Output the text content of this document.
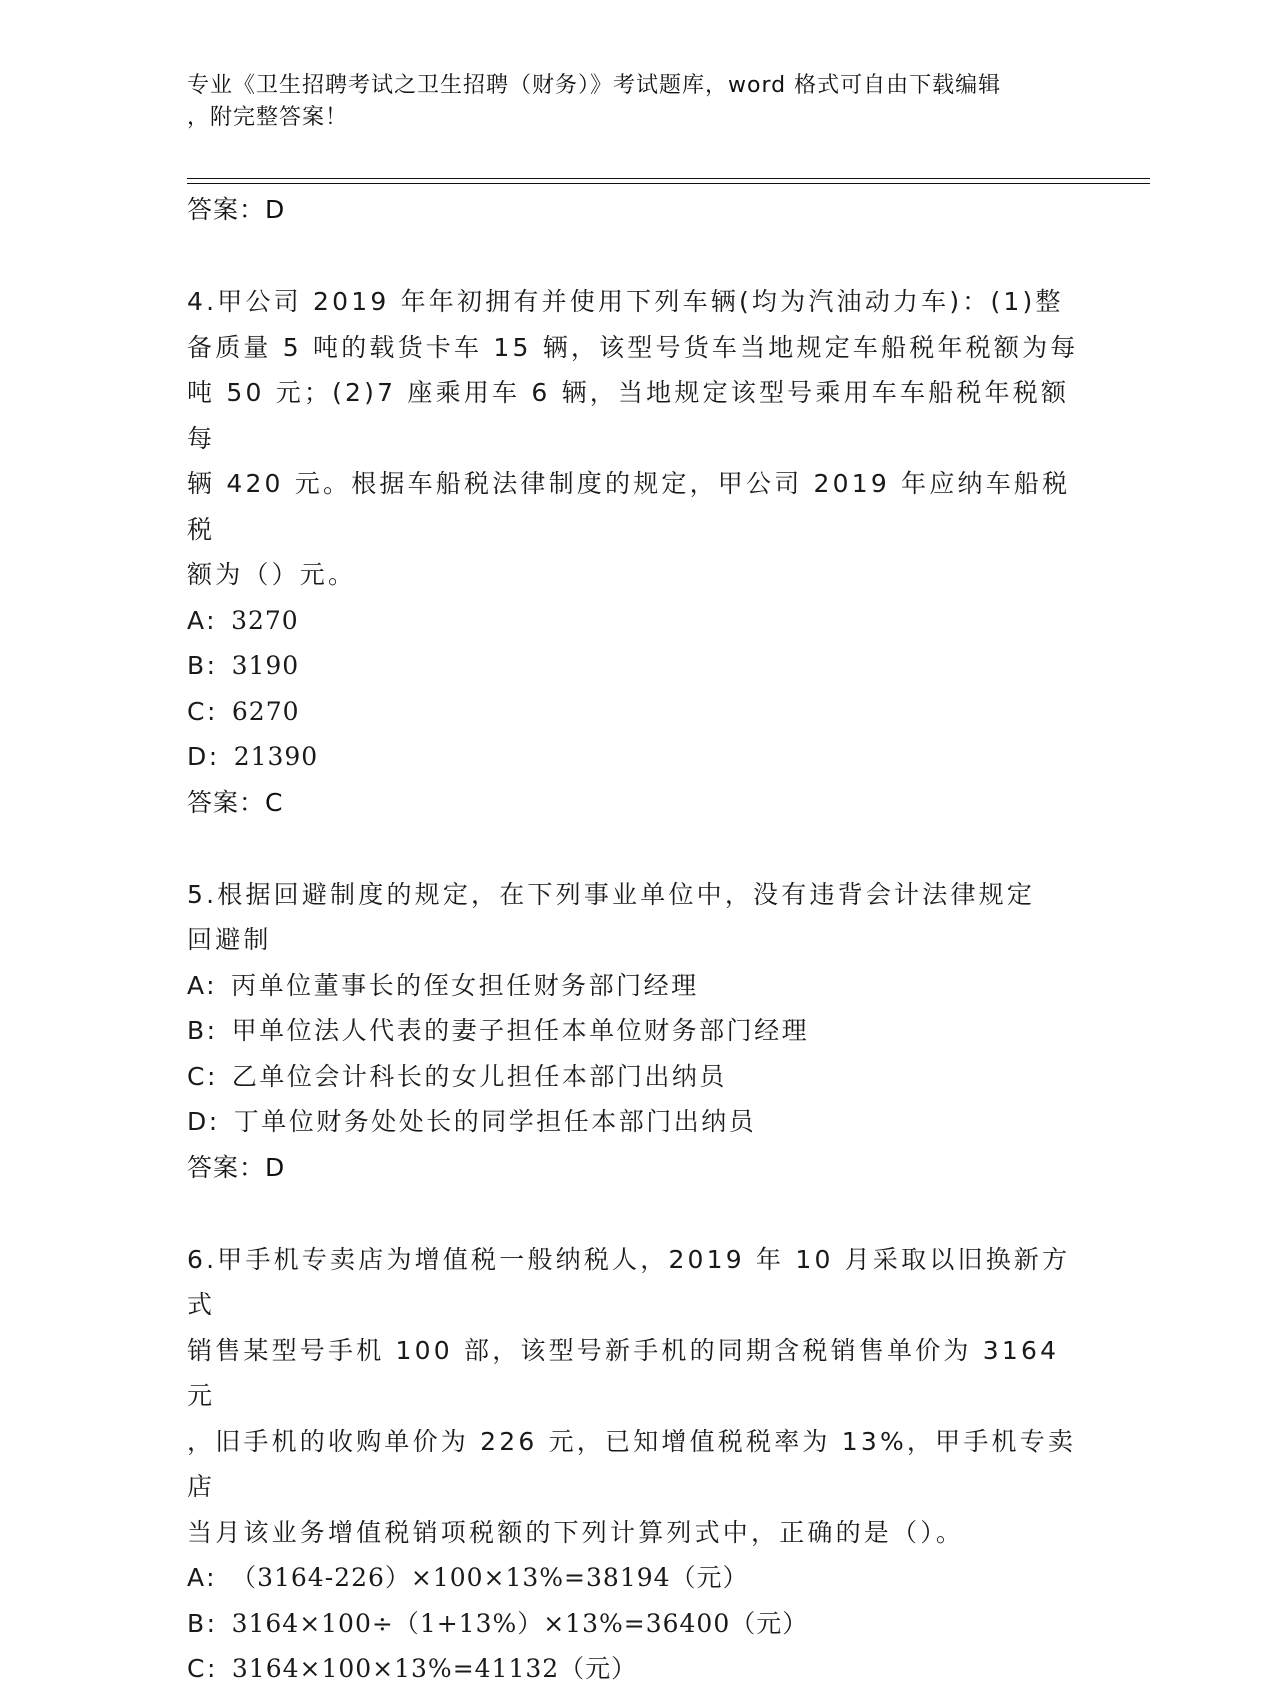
专业《卫生招聘考试之卫生招聘（财务）》考试题库，word 格式可自由下载编辑
，附完整答案！

答案：D

4.甲公司 2019 年年初拥有并使用下列车辆(均为汽油动力车)：(1)整

备质量 5 吨的载货卡车 15 辆，该型号货车当地规定车船税年税额为每

吨 50 元；(2)7 座乘用车 6 辆，当地规定该型号乘用车车船税年税额每

辆 420 元。根据车船税法律制度的规定，甲公司 2019 年应纳车船税税

额为（）元。

A: 3270

B: 3190

C: 6270

D: 21390

答案：C

5.根据回避制度的规定，在下列事业单位中，没有违背会计法律规定

回避制

A: 丙单位董事长的侄女担任财务部门经理

B: 甲单位法人代表的妻子担任本单位财务部门经理

C: 乙单位会计科长的女儿担任本部门出纳员

D: 丁单位财务处处长的同学担任本部门出纳员

答案：D

6.甲手机专卖店为增值税一般纳税人，2019 年 10 月采取以旧换新方式

销售某型号手机 100 部，该型号新手机的同期含税销售单价为 3164 元

，旧手机的收购单价为 226 元，已知增值税税率为 13%，甲手机专卖店

当月该业务增值税销项税额的下列计算列式中，正确的是（）。

A: （3164-226）×100×13%=38194（元）

B: 3164×100÷（1+13%）×13%=36400（元）

C: 3164×100×13%=41132（元）
